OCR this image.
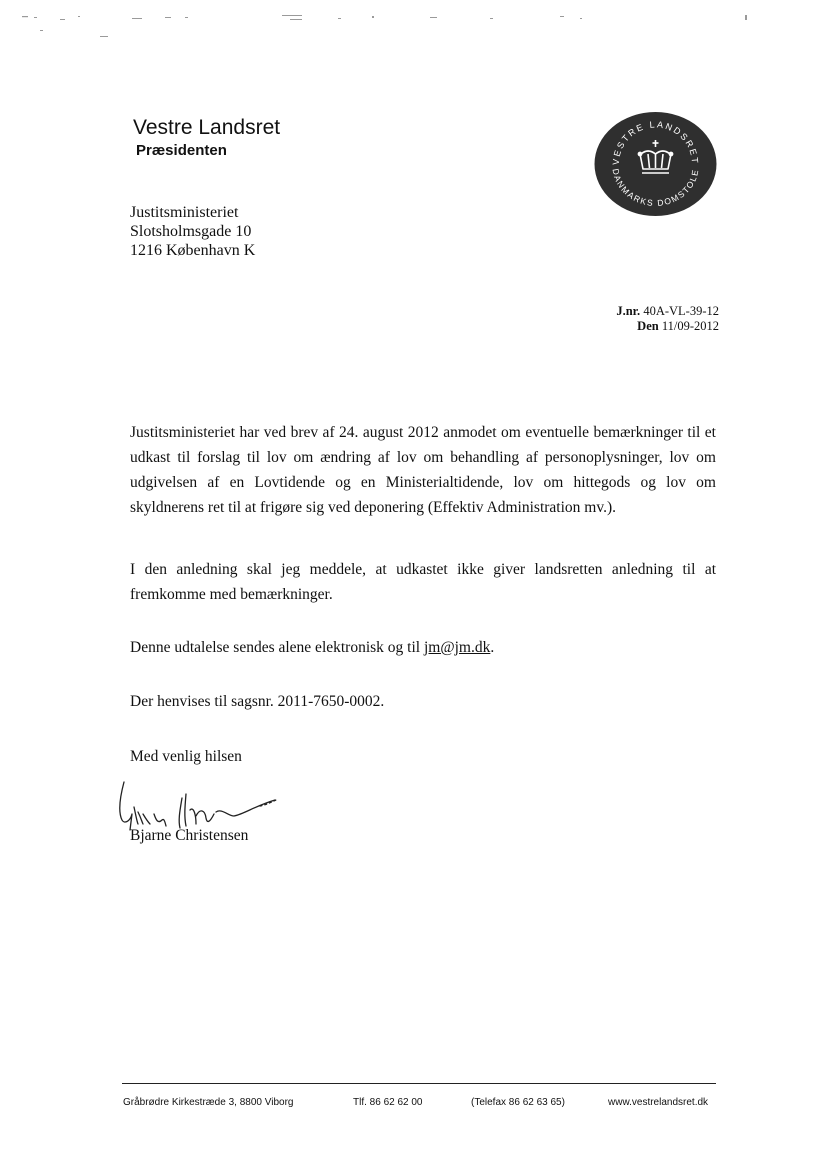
Vestre Landsret
Præsidenten
VESTRE LANDSRET
DANMARKS DOMSTOLE
Justitsministeriet
Slotsholmsgade 10
1216 København K
J.nr. 40A-VL-39-12
Den 11/09-2012

Justitsministeriet har ved brev af 24. august 2012 anmodet om eventuelle bemærkninger til et udkast til forslag til lov om ændring af lov om behandling af personoplysninger, lov om udgivelsen af en Lovtidende og en Ministerialtidende, lov om hittegods og lov om skyldnerens ret til at frigøre sig ved deponering (Effektiv Administration mv.).

I den anledning skal jeg meddele, at udkastet ikke giver landsretten anledning til at fremkomme med bemærkninger.

Denne udtalelse sendes alene elektronisk og til jm@jm.dk.

Der henvises til sagsnr. 2011-7650-0002.

Med venlig hilsen

Bjarne Christensen
Gråbrødre Kirkestræde 3, 8800 Viborg	Tlf. 86 62 62 00	(Telefax 86 62 63 65)	www.vestrelandsret.dk
